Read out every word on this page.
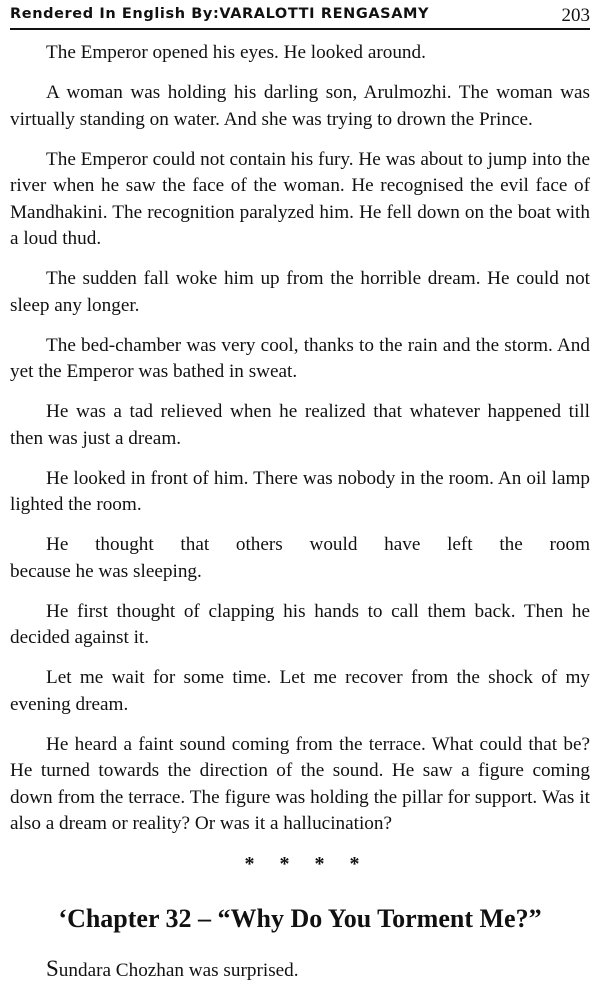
Rendered In English By:VARALOTTI RENGASAMY	203

The Emperor opened his eyes. He looked around.

A woman was holding his darling son, Arulmozhi. The woman was virtually standing on water. And she was trying to drown the Prince.

The Emperor could not contain his fury. He was about to jump into the river when he saw the face of the woman. He recognised the evil face of Mandhakini. The recognition paralyzed him. He fell down on the boat with a loud thud.

The sudden fall woke him up from the horrible dream. He could not sleep any longer.

The bed-chamber was very cool, thanks to the rain and the storm. And yet the Emperor was bathed in sweat.

He was a tad relieved when he realized that whatever happened till then was just a dream.

He looked in front of him. There was nobody in the room. An oil lamp lighted the room.

He thought that others would have left the room
because he was sleeping.

He first thought of clapping his hands to call them back. Then he decided against it.

Let me wait for some time. Let me recover from the shock of my evening dream.

He heard a faint sound coming from the terrace. What could that be? He turned towards the direction of the sound. He saw a figure coming down from the terrace. The figure was holding the pillar for support. Was it also a dream or reality? Or was it a hallucination?

* * * *
‘Chapter 32 – “Why Do You Torment Me?”

Sundara Chozhan was surprised.
